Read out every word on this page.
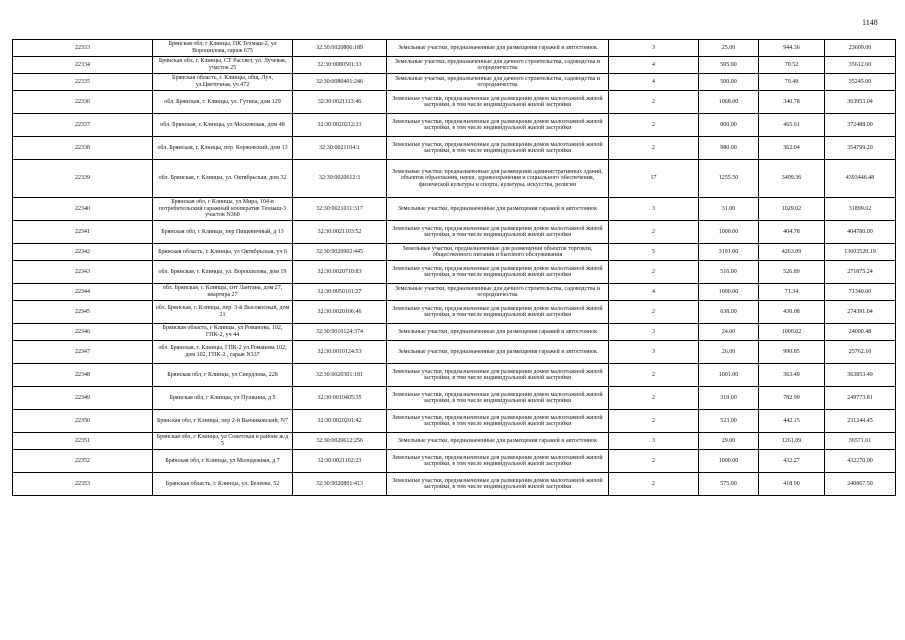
1148
22333	Брянская обл, г Клинцы, ПК Техмаш-2, ул Ворошилова, гараж 675	32:30:0020806:189	Земельные участки, предназначенные для размещения гаражей и автостоянок	3	25.00	944.36	23609.00
22334	Брянская обл, г. Клинцы, СТ Рассвет, ул. Лучевая, участок 25	32:30:0080501:33	Земельные участки, предназначенные для дачного строительства, садоводства и огородничества	4	505.00	70.52	35612.60
22335	Брянская область, г. Клинцы, общ. Луч, ул.Цветочная, уч 472	32:30:0080401:246	Земельные участки, предназначенные для дачного строительства, садоводства и огородничества	4	500.00	70.49	35245.00
22336	обл. Брянская, г. Клинцы, ул. Гутина, дом 129	32:30:0021113:46	Земельные участки, предназначенные для размещения домов малоэтажной жилой застройки, в том числе индивидуальной жилой застройки	2	1068.00	340.78	363953.04
22337	обл. Брянская, г. Клинцы, ул Московская, дом 48	32:30:0020212:33	Земельные участки, предназначенные для размещения домов малоэтажной жилой застройки, в том числе индивидуальной жилой застройки	2	800.00	465.61	372488.00
22338	обл. Брянская, г. Клинцы, пер. Коржовский, дом 13	32:30:0021104:1	Земельные участки, предназначенные для размещения домов малоэтажной жилой застройки, в том числе индивидуальной жилой застройки	2	980.00	362.04	354799.20
22339	обл. Брянская, г. Клинцы, ул. Октябрьская, дом 32	32:30:0020612:3	Земельные участки, предназначенные для размещения административных зданий, объектов образования, науки, здравоохранения и социального обеспечения, физической культуры и спорта, культуры, искусства, религии	17	1255.50	3499.36	4393446.48
22340	Брянская обл, г Клинцы, ул Мира, 104-в потребительский гаражный кооператив Техмаш-3 участок N360	32:30:0021011:317	Земельные участки, предназначенные для размещения гаражей и автостоянок	3	31.00	1029.02	31899.62
22341	Брянская обл, г Клинцы, пер Пищевичный, д 13	32:30:0021103:52	Земельные участки, предназначенные для размещения домов малоэтажной жилой застройки, в том числе индивидуальной жилой застройки	2	1000.00	404.78	404780.00
22342	Брянская область, г. Клинцы, ул Октябрьская, уч 6	32:30:0020902:445	Земельные участки, предназначенные для размещения объектов торговли, общественного питания и бытового обслуживания	5	3191.00	4263.09	13603520.19
22343	обл. Брянская, г. Клинцы, ул. Ворошилова, дом 19	32:30:0020710:83	Земельные участки, предназначенные для размещения домов малоэтажной жилой застройки, в том числе индивидуальной жилой застройки	2	516.00	526.89	271875.24
22344	обл. Брянская, г. Клинцы, снт Лантана, дом 27, квартира 27	32:30:0050101:27	Земельные участки, предназначенные для дачного строительства, садоводства и огородничества	4	1000.00	71.34	71340.00
22345	обл. Брянская, г. Клинцы, пер. 3-й Высокосный, дом 21	32:30:0020106:46	Земельные участки, предназначенные для размещения домов малоэтажной жилой застройки, в том числе индивидуальной жилой застройки	2	638.00	430.08	274391.04
22346	Брянская область, г Клинцы, ул Романова, 102, ГПК-2, уч 44	32:30:0010124:374	Земельные участки, предназначенные для размещения гаражей и автостоянок	3	24.00	1000.02	24000.48
22347	обл. Брянская, г. Клинцы, ГПК-2 ул.Романова 102, дом 102, ГПК-2 , гараж N337	32:30:0010124:53	Земельные участки, предназначенные для размещения гаражей и автостоянок	3	26.00	990.85	25762.10
22348	Брянская обл, г Клинцы, ул Свердлова, 228	32:30:0020301:181	Земельные участки, предназначенные для размещения домов малоэтажной жилой застройки, в том числе индивидуальной жилой застройки	2	1001.00	363.49	363853.49
22349	Брянская обл, г Клинцы, ул Пушкина, д 5	32:30:0010405:35	Земельные участки, предназначенные для размещения домов малоэтажной жилой застройки, в том числе индивидуальной жилой застройки	2	319.00	782.99	249773.81
22350	Брянская обл, г Клинцы, пер 2-й Вьюшковский, N7	32:30:0020201:42	Земельные участки, предназначенные для размещения домов малоэтажной жилой застройки, в том числе индивидуальной жилой застройки	2	523.00	442.15	231244.45
22351	Брянская обл, г Клинцы, ул Советская в районе ж/д 5	32:30:0020612:256	Земельные участки, предназначенные для размещения гаражей и автостоянок	3	29.00	1261.09	36571.61
22352	Брянская обл, г Клинцы, ул Молодежная, д 7	32:30:0021102:23	Земельные участки, предназначенные для размещения домов малоэтажной жилой застройки, в том числе индивидуальной жилой застройки	2	1000.00	432.27	432270.00
22353	Брянская область, г. Клинцы, ул. Белеева, 52	32:30:0020801:413	Земельные участки, предназначенные для размещения домов малоэтажной жилой застройки, в том числе индивидуальной жилой застройки	2	575.00	418.90	240867.50
